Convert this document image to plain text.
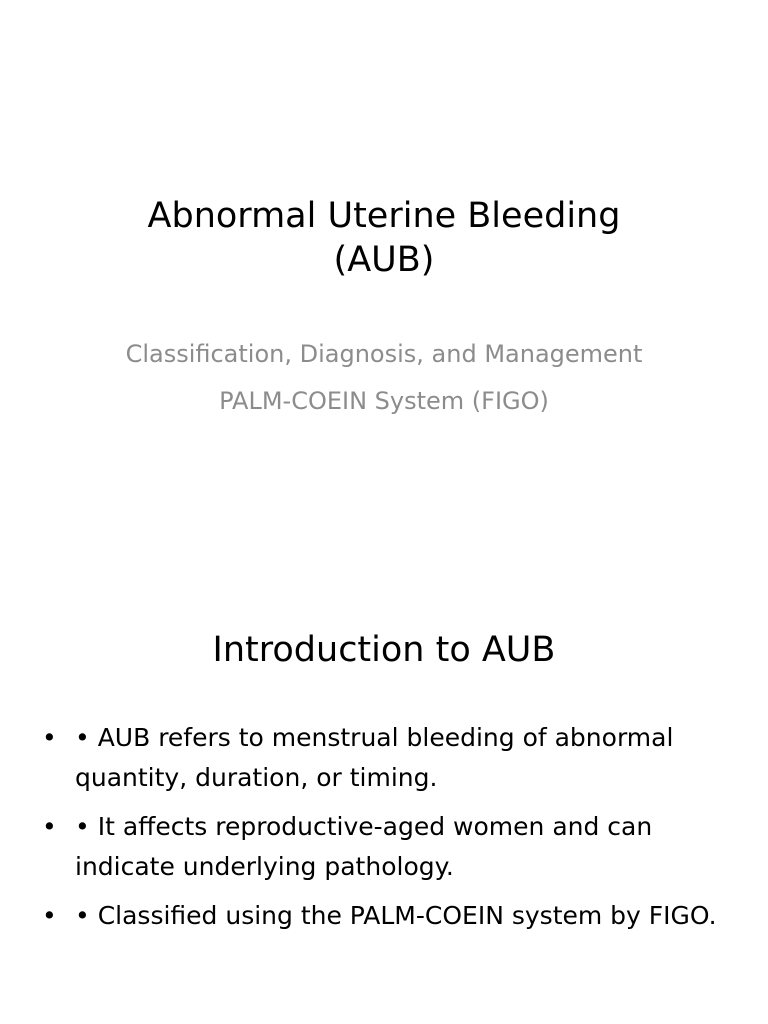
Abnormal Uterine Bleeding
(AUB)
Classification, Diagnosis, and Management
PALM-COEIN System (FIGO)
Introduction to AUB
• • AUB refers to menstrual bleeding of abnormal quantity, duration, or timing.
• • It affects reproductive-aged women and can indicate underlying pathology.
• • Classified using the PALM-COEIN system by FIGO.
